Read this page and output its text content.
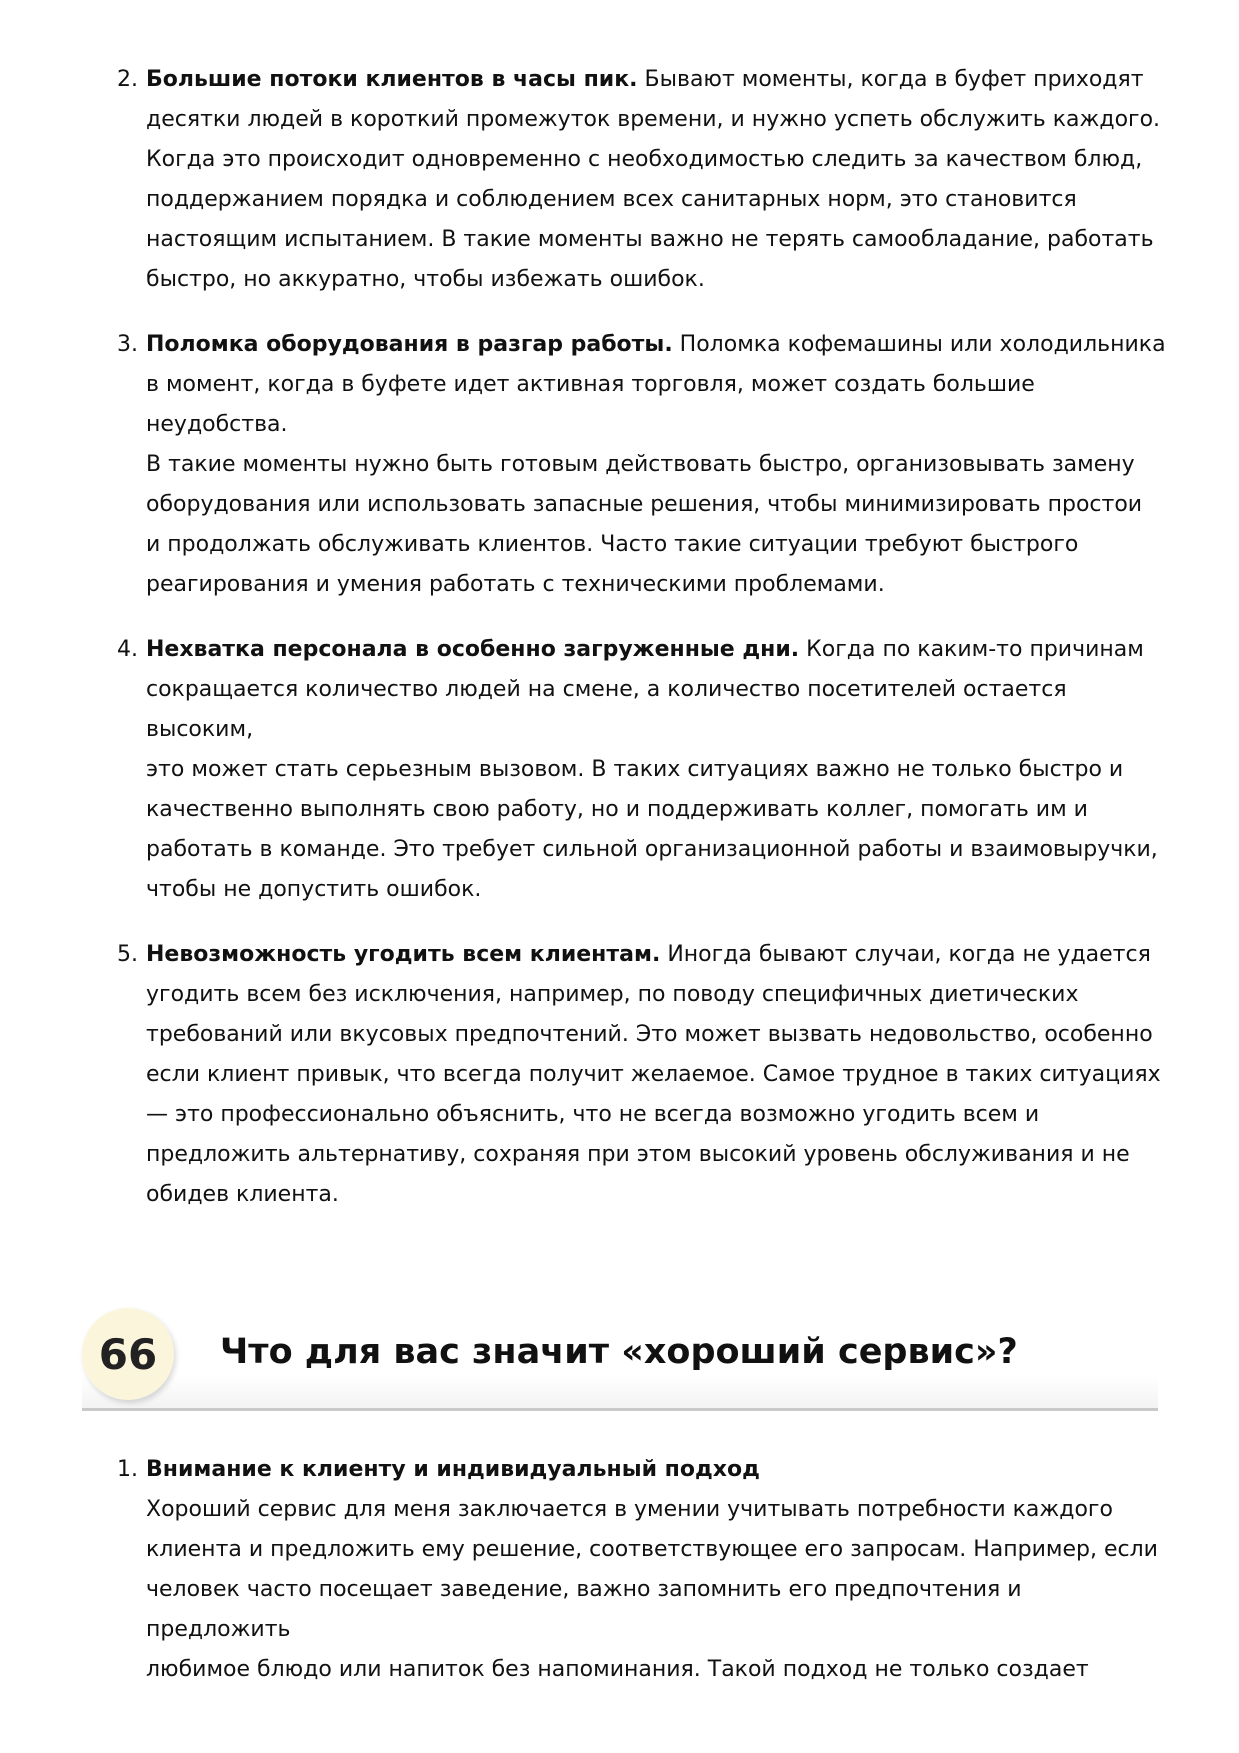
2. Большие потоки клиентов в часы пик. Бывают моменты, когда в буфет приходят
десятки людей в короткий промежуток времени, и нужно успеть обслужить каждого.
Когда это происходит одновременно с необходимостью следить за качеством блюд,
поддержанием порядка и соблюдением всех санитарных норм, это становится
настоящим испытанием. В такие моменты важно не терять самообладание, работать
быстро, но аккуратно, чтобы избежать ошибок.
3. Поломка оборудования в разгар работы. Поломка кофемашины или холодильника
в момент, когда в буфете идет активная торговля, может создать большие неудобства.
В такие моменты нужно быть готовым действовать быстро, организовывать замену
оборудования или использовать запасные решения, чтобы минимизировать простои
и продолжать обслуживать клиентов. Часто такие ситуации требуют быстрого
реагирования и умения работать с техническими проблемами.
4. Нехватка персонала в особенно загруженные дни. Когда по каким-то причинам
сокращается количество людей на смене, а количество посетителей остается высоким,
это может стать серьезным вызовом. В таких ситуациях важно не только быстро и
качественно выполнять свою работу, но и поддерживать коллег, помогать им и
работать в команде. Это требует сильной организационной работы и взаимовыручки,
чтобы не допустить ошибок.
5. Невозможность угодить всем клиентам. Иногда бывают случаи, когда не удается
угодить всем без исключения, например, по поводу специфичных диетических
требований или вкусовых предпочтений. Это может вызвать недовольство, особенно
если клиент привык, что всегда получит желаемое. Самое трудное в таких ситуациях
— это профессионально объяснить, что не всегда возможно угодить всем и
предложить альтернативу, сохраняя при этом высокий уровень обслуживания и не
обидев клиента.
66	Что для вас значит «хороший сервис»?
1. Внимание к клиенту и индивидуальный подход
Хороший сервис для меня заключается в умении учитывать потребности каждого
клиента и предложить ему решение, соответствующее его запросам. Например, если
человек часто посещает заведение, важно запомнить его предпочтения и предложить
любимое блюдо или напиток без напоминания. Такой подход не только создает
